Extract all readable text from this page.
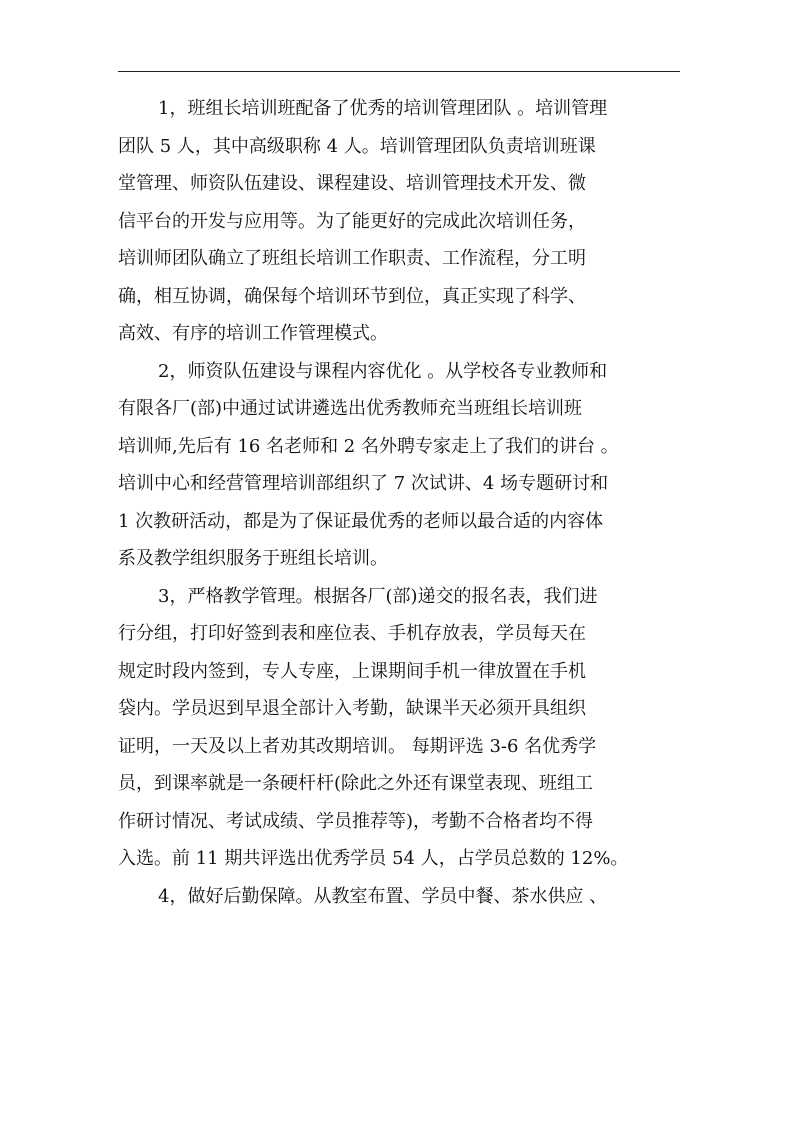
1，班组长培训班配备了优秀的培训管理团队 。培训管理
团队 5 人，其中高级职称 4 人。培训管理团队负责培训班课
堂管理、师资队伍建设、课程建设、培训管理技术开发、微
信平台的开发与应用等。为了能更好的完成此次培训任务，
培训师团队确立了班组长培训工作职责、工作流程，分工明
确，相互协调，确保每个培训环节到位，真正实现了科学、
高效、有序的培训工作管理模式。
2，师资队伍建设与课程内容优化 。从学校各专业教师和
有限各厂(部)中通过试讲遴选出优秀教师充当班组长培训班
培训师,先后有 16 名老师和 2 名外聘专家走上了我们的讲台 。
培训中心和经营管理培训部组织了 7 次试讲、4 场专题研讨和
1 次教研活动，都是为了保证最优秀的老师以最合适的内容体
系及教学组织服务于班组长培训。
3，严格教学管理。根据各厂(部)递交的报名表，我们进
行分组，打印好签到表和座位表、手机存放表，学员每天在
规定时段内签到，专人专座，上课期间手机一律放置在手机
袋内。学员迟到早退全部计入考勤，缺课半天必须开具组织
证明，一天及以上者劝其改期培训。 每期评选 3-6 名优秀学
员，到课率就是一条硬杆杆(除此之外还有课堂表现、班组工
作研讨情况、考试成绩、学员推荐等)，考勤不合格者均不得
入选。前 11 期共评选出优秀学员 54 人，占学员总数的 12%。
4，做好后勤保障。从教室布置、学员中餐、茶水供应 、
